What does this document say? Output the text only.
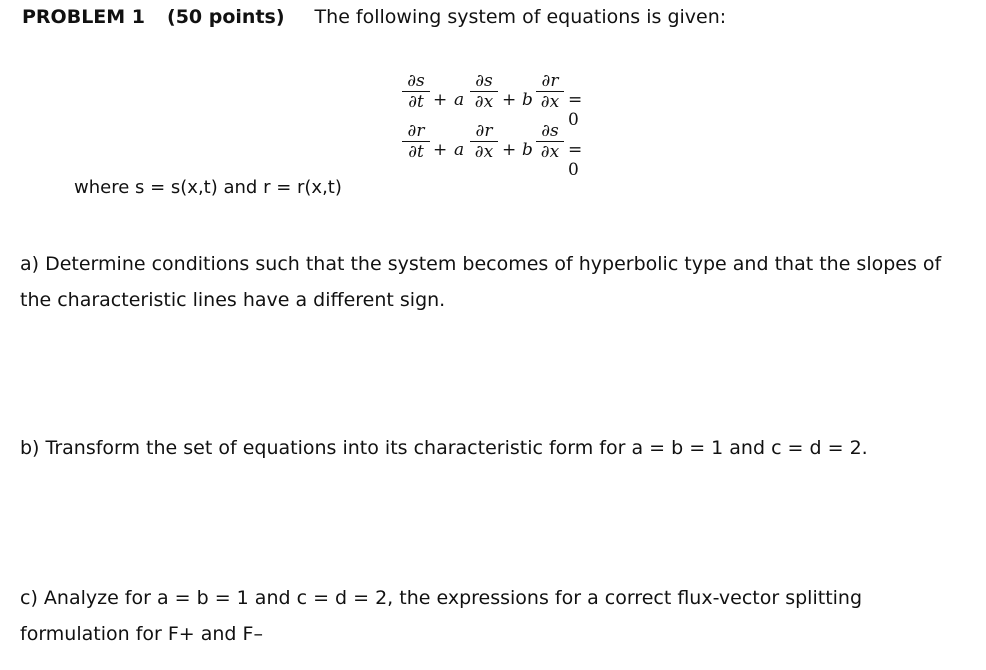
PROBLEM 1 (50 points) The following system of equations is given:
∂s
∂t + a
∂s
∂x + b
∂r
∂x = 0
∂r
∂t + a
∂r
∂x + b
∂s
∂x = 0
where s = s(x,t) and r = r(x,t)
a) Determine conditions such that the system becomes of hyperbolic type and that the slopes of the characteristic lines have a different sign.
b) Transform the set of equations into its characteristic form for a = b = 1 and c = d = 2.
c) Analyze for a = b = 1 and c = d = 2, the expressions for a correct flux-vector splitting formulation for F+ and F–
